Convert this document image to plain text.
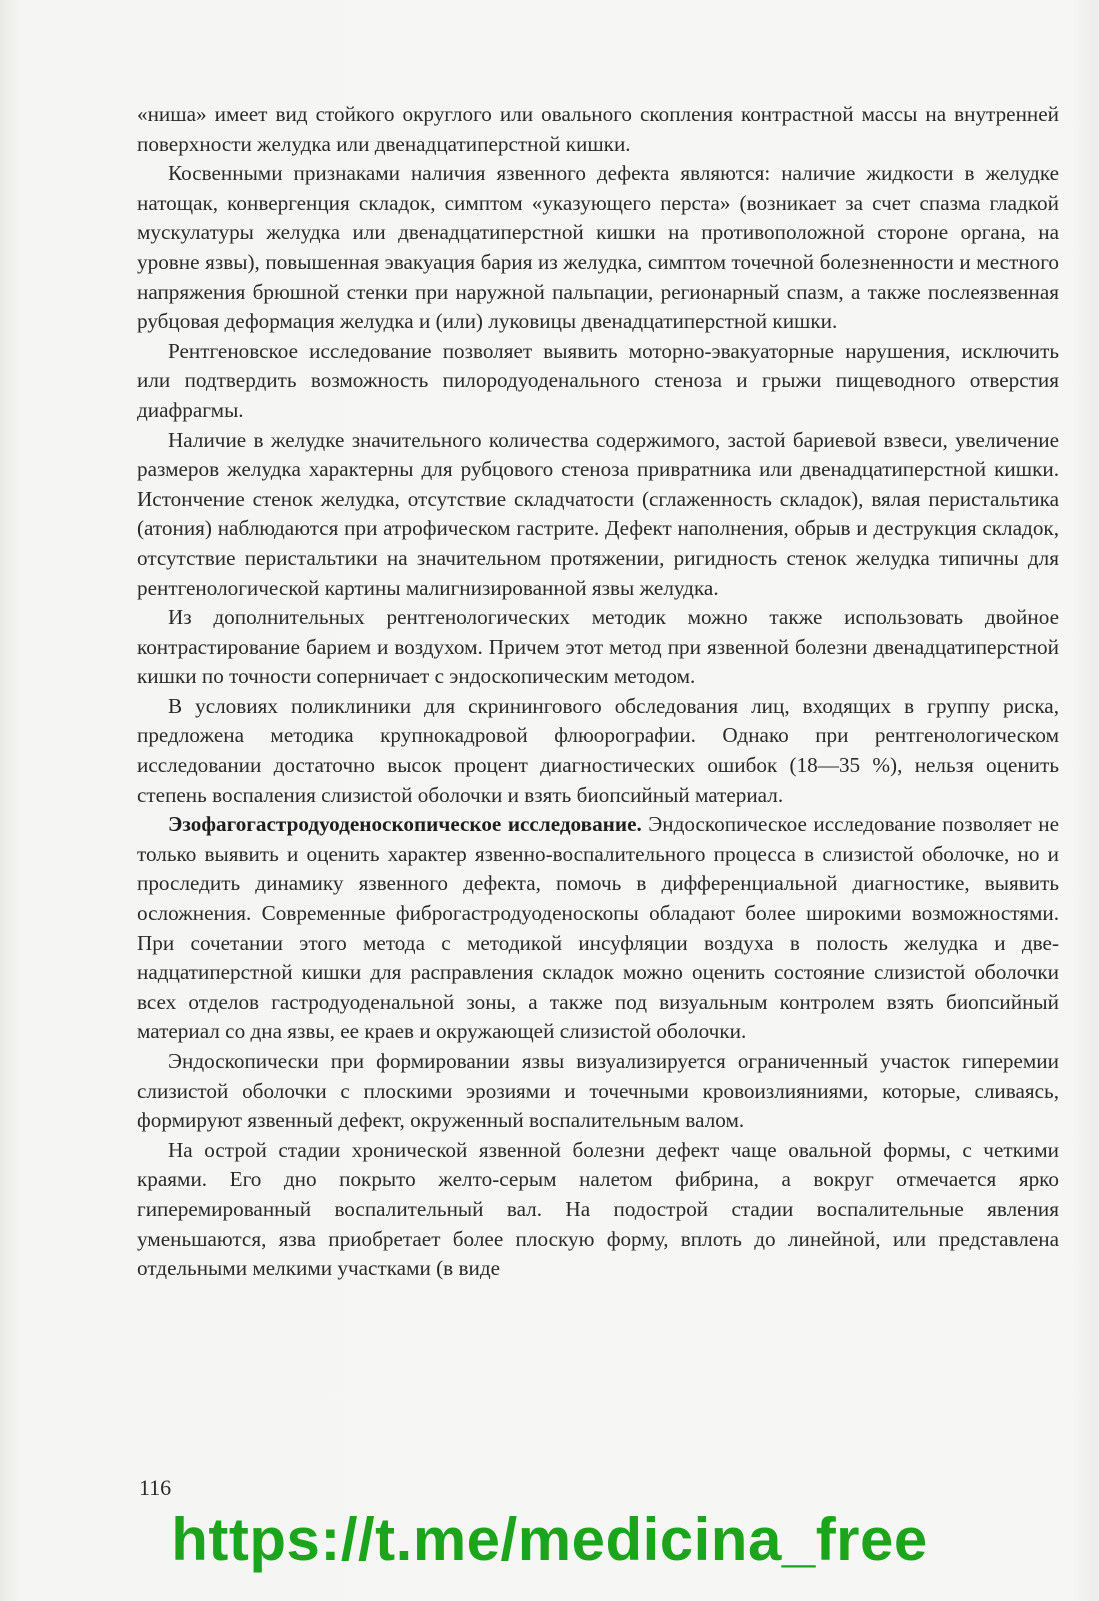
«ниша» имеет вид стойкого округлого или овального скопления контрастной массы на внутренней поверхности желудка или двенадцатиперстной кишки.

Косвенными признаками наличия язвенного дефекта являются: наличие жидкости в желудке натощак, конвергенция складок, симптом «указующего перста» (возникает за счет спазма гладкой мускулатуры желудка или двенадцатиперстной кишки на противоположной стороне органа, на уровне язвы), повышенная эвакуация бария из желудка, симптом точечной болезненности и местного напряжения брюшной стенки при наружной пальпации, регионарный спазм, а также послеязвенная рубцовая деформация желудка и (или) луковицы двенадцатиперстной кишки.

Рентгеновское исследование позволяет выявить моторно-эвакуаторные нарушения, исключить или подтвердить возможность пилородуоденального стеноза и грыжи пищеводного отверстия диафрагмы.

Наличие в желудке значительного количества содержимого, застой бариевой взвеси, увеличение размеров желудка характерны для рубцового стеноза привратника или двенадцатиперстной кишки. Истончение стенок желудка, отсутствие складчатости (сглаженность складок), вялая перистальтика (атония) наблюдаются при атрофическом гастрите. Дефект наполнения, обрыв и деструкция складок, отсутствие перистальтики на значительном протяжении, ригидность стенок желудка типичны для рентгенологической картины малигнизированной язвы желудка.

Из дополнительных рентгенологических методик можно также использовать двойное контрастирование барием и воздухом. Причем этот метод при язвенной болезни двенадцатиперстной кишки по точности соперничает с эндоскопическим методом.

В условиях поликлиники для скринингового обследования лиц, входящих в группу риска, предложена методика крупнокадровой флюорографии. Однако при рентгенологическом исследовании достаточно высок процент диагностических ошибок (18—35 %), нельзя оценить степень воспаления слизистой оболочки и взять биопсийный материал.

Эзофагогастродуоденоскопическое исследование. Эндоскопическое исследование позволяет не только выявить и оценить характер язвенно-воспалительного процесса в слизистой оболочке, но и проследить динамику язвенного дефекта, помочь в дифференциальной диагностике, выявить осложнения. Современные фиброгастродуоденоскопы обладают более широкими возможностями. При сочетании этого метода с методикой инсуфляции воздуха в полость желудка и двенадцатиперстной кишки для расправления складок можно оценить состояние слизистой оболочки всех отделов гастродуоденальной зоны, а также под визуальным контролем взять биопсийный материал со дна язвы, ее краев и окружающей слизистой оболочки.

Эндоскопически при формировании язвы визуализируется ограниченный участок гиперемии слизистой оболочки с плоскими эрозиями и точечными кровоизлияниями, которые, сливаясь, формируют язвенный дефект, окруженный воспалительным валом.

На острой стадии хронической язвенной болезни дефект чаще овальной формы, с четкими краями. Его дно покрыто желто-серым налетом фибрина, а вокруг отмечается ярко гиперемированный воспалительный вал. На подострой стадии воспалительные явления уменьшаются, язва приобретает более плоскую форму, вплоть до линейной, или представлена отдельными мелкими участками (в виде

116
https://t.me/medicina_free
